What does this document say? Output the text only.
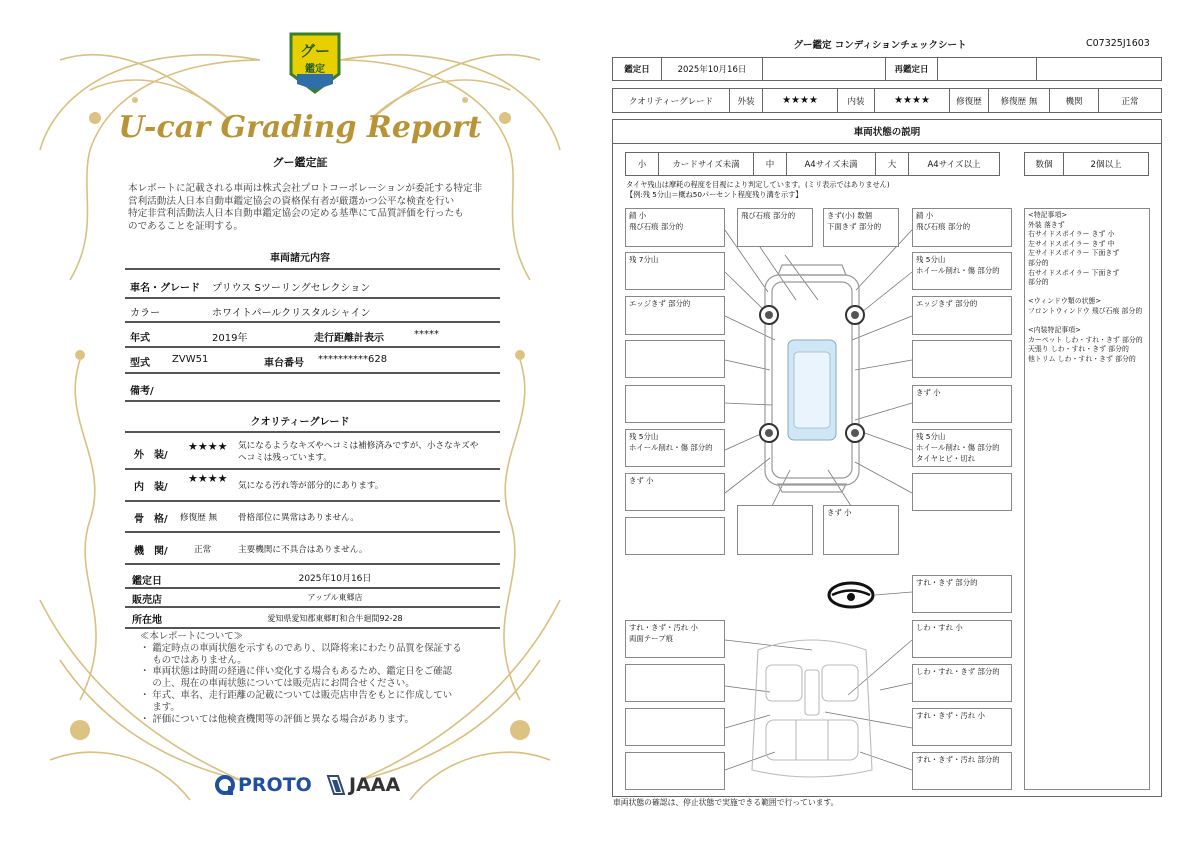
グー
鑑定
U-car Grading Report
グー鑑定証
本レポートに記載される車両は株式会社プロトコーポレーションが委託する特定非
営利活動法人日本自動車鑑定協会の資格保有者が厳選かつ公平な検査を行い
特定非営利活動法人日本自動車鑑定協会の定める基準にて品質評価を行ったも
のであることを証明する。
車両諸元内容
車名・グレード プリウス Sツーリングセレクション
カラー	ホワイトパールクリスタルシャイン
年式	2019年	走行距離計表示	*****
型式 ZVW51	車台番号 **********628
備考/
クオリティーグレード
外　装/
★★★★ 気になるようなキズやヘコミは補修済みですが、小さなキズや
ヘコミは残っています。
内　装/
★★★★
気になる汚れ等が部分的にあります。
骨　格/ 修復歴 無 骨格部位に異常はありません。
機　関/	正常	主要機関に不具合はありません。
鑑定日	2025年10月16日
販売店	アップル東郷店
所在地	愛知県愛知郡東郷町和合牛廻間92-28
≪本レポートについて≫
・ 鑑定時点の車両状態を示すものであり、以降将来にわたり品質を保証する
　 ものではありません。
・ 車両状態は時間の経過に伴い変化する場合もあるため、鑑定日をご確認
　 の上、現在の車両状態については販売店にお問合せください。
・ 年式、車名、走行距離の記載については販売店申告をもとに作成してい
　 ます。
・ 評価については他検査機関等の評価と異なる場合があります。
PROTO JAAA
グー鑑定 コンディションチェックシート	C07325J1603
鑑定日	2025年10月16日	再鑑定日
クオリティーグレード	外装	★★★★	内装	★★★★	修復歴	修復歴 無	機関	正常
車両状態の説明
小	カードサイズ未満	中	A4サイズ未満	大	A4サイズ以上	数個	2個以上
タイヤ残山は摩耗の程度を目視により判定しています。(ミリ表示ではありません)
【例:残 5分山＝概ね50パーセント程度残り溝を示す】
錆 小
飛び石痕 部分的
飛び石痕 部分的	きず(小) 数個
下面きず 部分的
錆 小
飛び石痕 部分的
残 7分山	残 5分山
ホイール削れ・傷 部分的
エッジきず 部分的	エッジきず 部分的
きず 小
残 5分山
ホイール削れ・傷 部分的
残 5分山
ホイール削れ・傷 部分的
タイヤヒビ・切れ
きず 小
きず 小
すれ・きず 部分的
すれ・きず・汚れ 小
両面テープ痕
しわ・すれ 小
しわ・すれ・きず 部分的
すれ・きず・汚れ 小
すれ・きず・汚れ 部分的
<特記事項>
外装 落きず
右サイドスポイラー きず 小
左サイドスポイラー きず 中
左サイドスポイラー 下面きず
部分的
右サイドスポイラー 下面きず
部分的
<ウィンドウ類の状態>
フロントウィンドウ 飛び石痕 部分的
<内装特記事項>
カーペット しわ・すれ・きず 部分的
天張り しわ・すれ・きず 部分的
他トリム しわ・すれ・きず 部分的
車両状態の確認は、停止状態で実施できる範囲で行っています。
